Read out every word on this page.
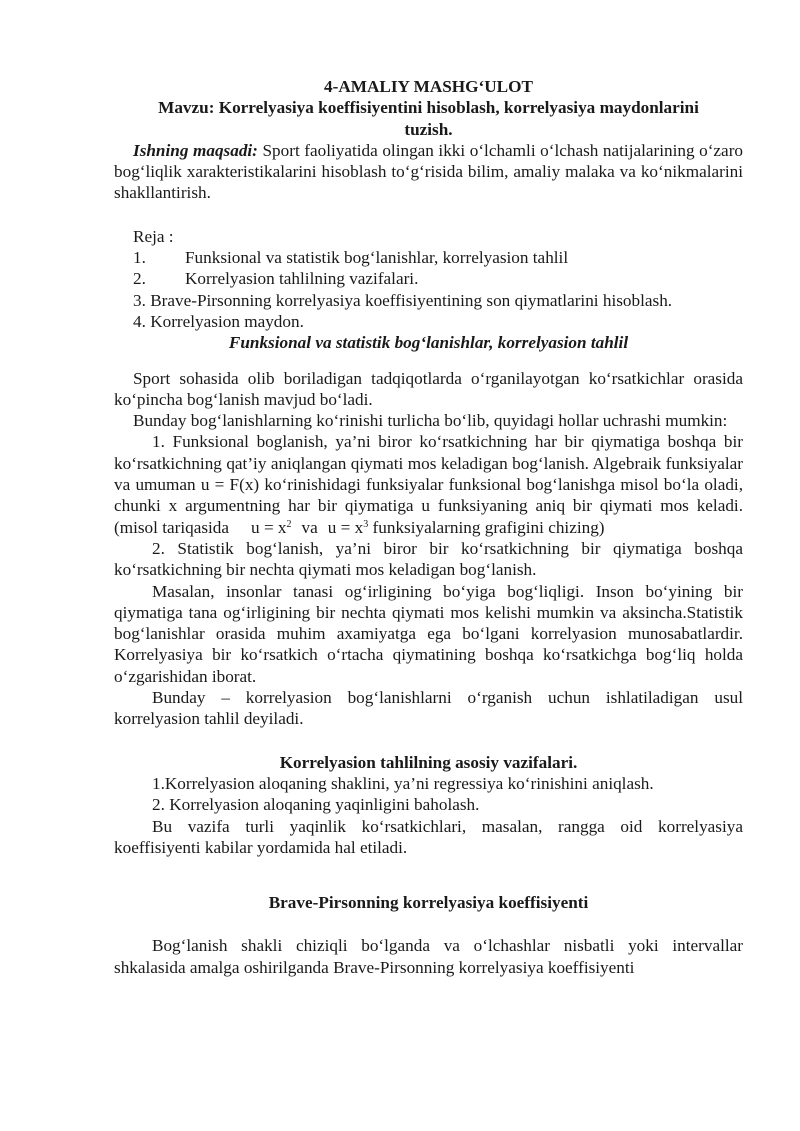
4-AMALIY MASHG‘ULOT

Mavzu: Korrelyasiya koeffisiyentini hisoblash, korrelyasiya maydonlarini

tuzish.

Ishning maqsadi: Sport faoliyatida olingan ikki o‘lchamli o‘lchash natijalarining o‘zaro bog‘liqlik xarakteristikalarini hisoblash to‘g‘risida bilim, amaliy malaka va ko‘nikmalarini shakllantirish.

Reja :

1. Funksional va statistik bog‘lanishlar, korrelyasion tahlil
2. Korrelyasion tahlilning vazifalari.
3. Brave-Pirsonning korrelyasiya koeffisiyentining son qiymatlarini hisoblash.
4. Korrelyasion maydon.

Funksional va statistik bog‘lanishlar, korrelyasion tahlil

Sport sohasida olib boriladigan tadqiqotlarda o‘rganilayotgan ko‘rsatkichlar orasida ko‘pincha bog‘lanish mavjud bo‘ladi.

Bunday bog‘lanishlarning ko‘rinishi turlicha bo‘lib, quyidagi hollar uchrashi mumkin:

1. Funksional boglanish, ya’ni biror ko‘rsatkichning har bir qiymatiga boshqa bir ko‘rsatkichning qat’iy aniqlangan qiymati mos keladigan bog‘lanish. Algebraik funksiyalar va umuman u = F(x) ko‘rinishidagi funksiyalar funksional bog‘lanishga misol bo‘la oladi, chunki x argumentning har bir qiymatiga u funksiyaning aniq bir qiymati mos keladi. (misol tariqasida $u = x^2$ va $u = x^3$ funksiyalarning grafigini chizing)

2. Statistik bog‘lanish, ya’ni biror bir ko‘rsatkichning bir qiymatiga boshqa ko‘rsatkichning bir nechta qiymati mos keladigan bog‘lanish.

Masalan, insonlar tanasi og‘irligining bo‘yiga bog‘liqligi. Inson bo‘yining bir qiymatiga tana og‘irligining bir nechta qiymati mos kelishi mumkin va aksincha.Statistik bog‘lanishlar orasida muhim axamiyatga ega bo‘lgani korrelyasion munosabatlardir. Korrelyasiya bir ko‘rsatkich o‘rtacha qiymatining boshqa ko‘rsatkichga bog‘liq holda o‘zgarishidan iborat.

Bunday – korrelyasion bog‘lanishlarni o‘rganish uchun ishlatiladigan usul korrelyasion tahlil deyiladi.

Korrelyasion tahlilning asosiy vazifalari.

1.Korrelyasion aloqaning shaklini, ya’ni regressiya ko‘rinishini aniqlash.

2. Korrelyasion aloqaning yaqinligini baholash.

Bu vazifa turli yaqinlik ko‘rsatkichlari, masalan, rangga oid korrelyasiya koeffisiyenti kabilar yordamida hal etiladi.

Brave-Pirsonning korrelyasiya koeffisiyenti

Bog‘lanish shakli chiziqli bo‘lganda va o‘lchashlar nisbatli yoki intervallar shkalasida amalga oshirilganda Brave-Pirsonning korrelyasiya koeffisiyenti
